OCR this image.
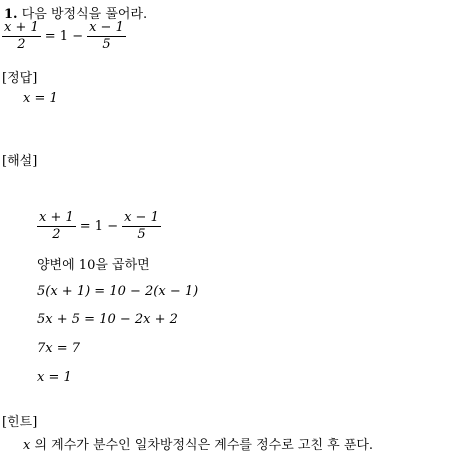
1. 다음 방정식을 풀어라.
$\frac{x + 1}{2} = 1 - \frac{x - 1}{5}$
[정답]
x = 1
[해설]
$\frac{x + 1}{2} = 1 - \frac{x - 1}{5}$
양변에 10을 곱하면
5(x + 1) = 10 − 2(x − 1)
5x + 5 = 10 − 2x + 2
7x = 7
x = 1
[힌트]
x 의 계수가 분수인 일차방정식은 계수를 정수로 고친 후 푼다.
